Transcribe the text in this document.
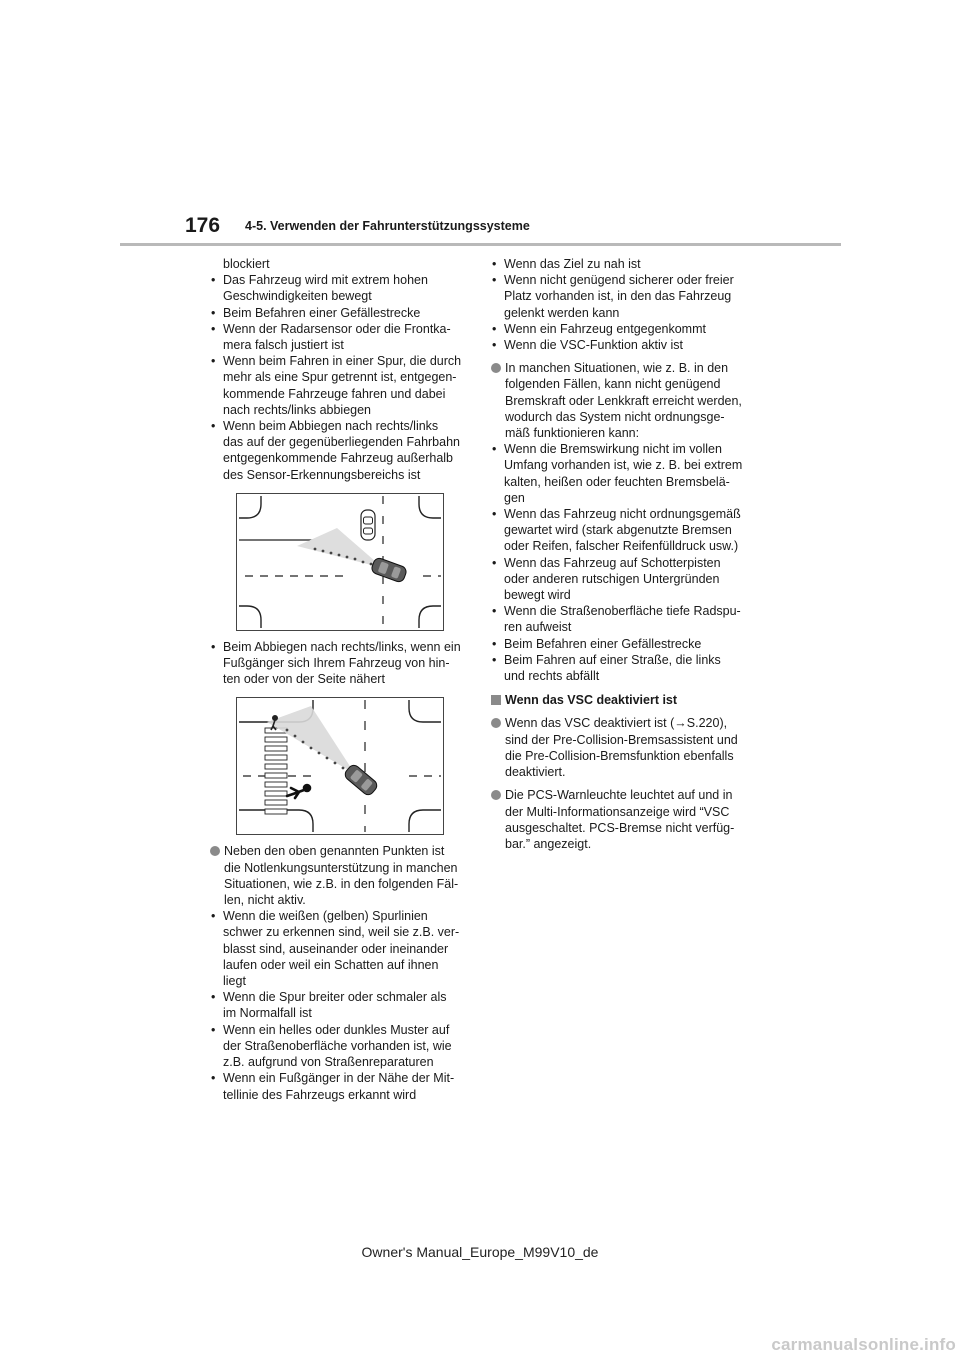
176 4-5. Verwenden der Fahrunterstützungssysteme
blockiert
• Das Fahrzeug wird mit extrem hohen
Geschwindigkeiten bewegt
• Beim Befahren einer Gefällestrecke
• Wenn der Radarsensor oder die Frontka-
mera falsch justiert ist
• Wenn beim Fahren in einer Spur, die durch
mehr als eine Spur getrennt ist, entgegen-
kommende Fahrzeuge fahren und dabei
nach rechts/links abbiegen
• Wenn beim Abbiegen nach rechts/links
das auf der gegenüberliegenden Fahrbahn
entgegenkommende Fahrzeug außerhalb
des Sensor-Erkennungsbereichs ist
• Beim Abbiegen nach rechts/links, wenn ein
Fußgänger sich Ihrem Fahrzeug von hin-
ten oder von der Seite nähert
Neben den oben genannten Punkten ist
die Notlenkungsunterstützung in manchen
Situationen, wie z.B. in den folgenden Fäl-
len, nicht aktiv.
• Wenn die weißen (gelben) Spurlinien
schwer zu erkennen sind, weil sie z.B. ver-
blasst sind, auseinander oder ineinander
laufen oder weil ein Schatten auf ihnen
liegt
• Wenn die Spur breiter oder schmaler als
im Normalfall ist
• Wenn ein helles oder dunkles Muster auf
der Straßenoberfläche vorhanden ist, wie
z.B. aufgrund von Straßenreparaturen
• Wenn ein Fußgänger in der Nähe der Mit-
tellinie des Fahrzeugs erkannt wird
• Wenn das Ziel zu nah ist
• Wenn nicht genügend sicherer oder freier
Platz vorhanden ist, in den das Fahrzeug
gelenkt werden kann
• Wenn ein Fahrzeug entgegenkommt
• Wenn die VSC-Funktion aktiv ist
In manchen Situationen, wie z. B. in den
folgenden Fällen, kann nicht genügend
Bremskraft oder Lenkkraft erreicht werden,
wodurch das System nicht ordnungsge-
mäß funktionieren kann:
• Wenn die Bremswirkung nicht im vollen
Umfang vorhanden ist, wie z. B. bei extrem
kalten, heißen oder feuchten Bremsbelä-
gen
• Wenn das Fahrzeug nicht ordnungsgemäß
gewartet wird (stark abgenutzte Bremsen
oder Reifen, falscher Reifenfülldruck usw.)
• Wenn das Fahrzeug auf Schotterpisten
oder anderen rutschigen Untergründen
bewegt wird
• Wenn die Straßenoberfläche tiefe Radspu-
ren aufweist
• Beim Befahren einer Gefällestrecke
• Beim Fahren auf einer Straße, die links
und rechts abfällt
Wenn das VSC deaktiviert ist
Wenn das VSC deaktiviert ist (→S.220),
sind der Pre-Collision-Bremsassistent und
die Pre-Collision-Bremsfunktion ebenfalls
deaktiviert.
Die PCS-Warnleuchte leuchtet auf und in
der Multi-Informationsanzeige wird “VSC
ausgeschaltet. PCS-Bremse nicht verfüg-
bar.” angezeigt.
Owner's Manual_Europe_M99V10_de
carmanualsonline.info
